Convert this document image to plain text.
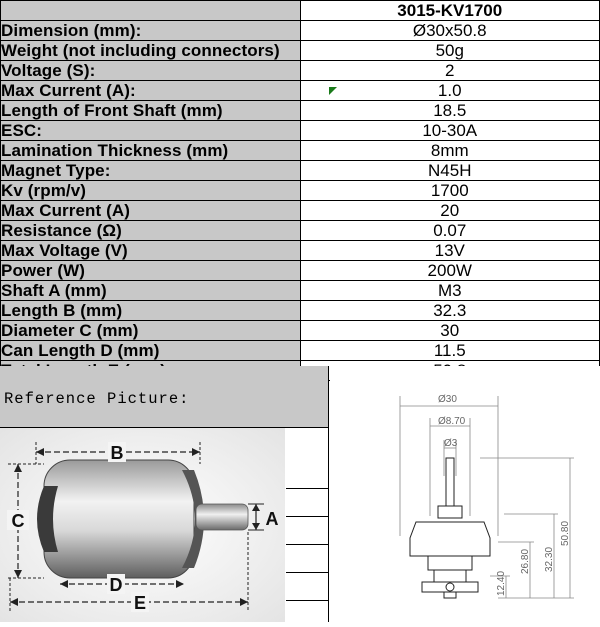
	3015-KV1700
Dimension (mm):	Ø30x50.8
Weight (not including connectors)	50g
Voltage (S):	2
Max Current (A):	1.0
Length of Front Shaft (mm)	18.5
ESC:	10-30A
Lamination Thickness (mm)	8mm
Magnet Type:	N45H
Kv (rpm/v)	1700
Max Current (A)	20
Resistance (Ω)	0.07
Max Voltage (V)	13V
Power (W)	200W
Shaft A (mm)	M3
Length B (mm)	32.3
Diameter C (mm)	30
Can Length D (mm)	11.5

Reference Picture:
B
C	A
D
E
Ø30
Ø8.70
Ø3
12.40
26.80 32.30
50.80
